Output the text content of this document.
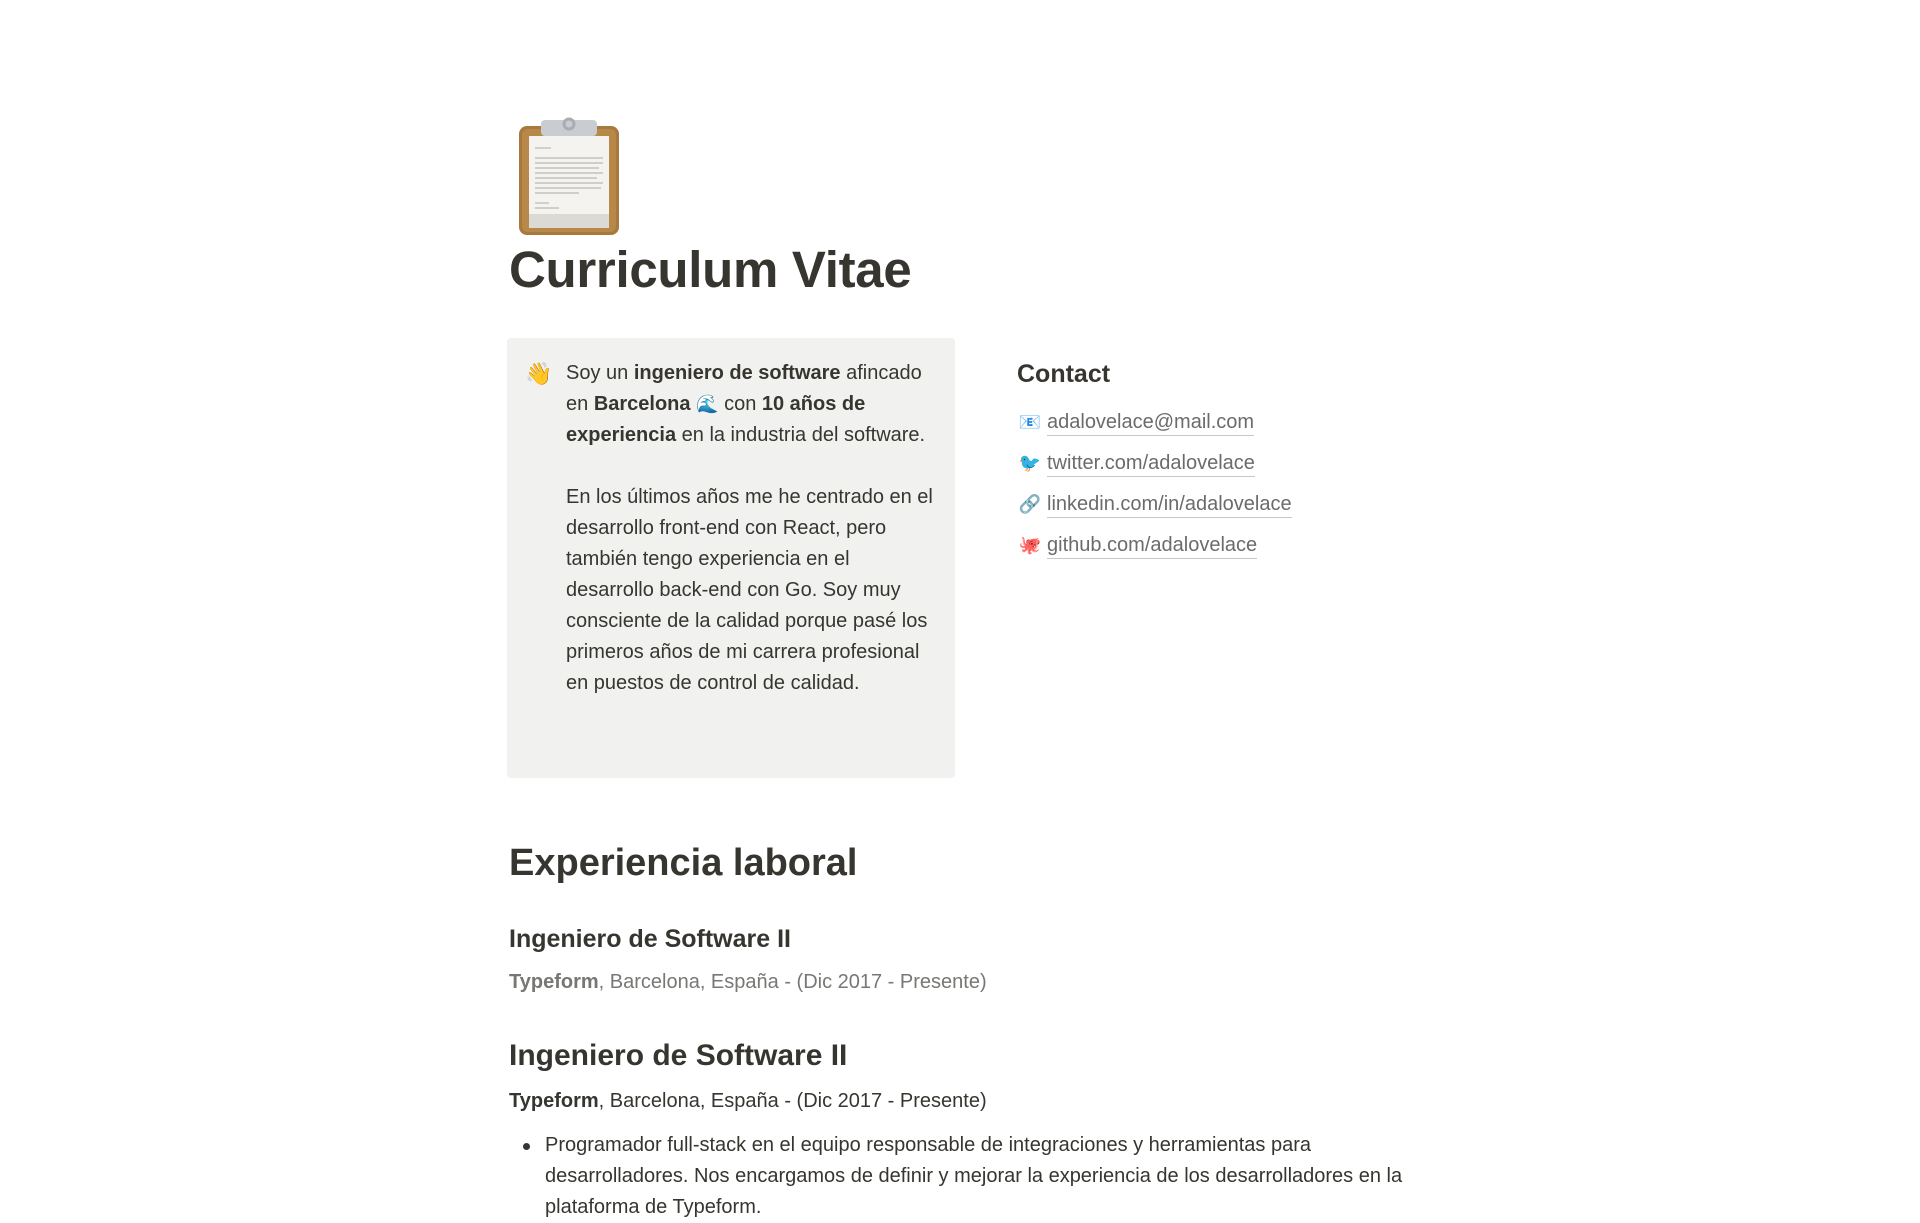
Curriculum Vitae
👋 Soy un ingeniero de software afincado en Barcelona 🌊 con 10 años de experiencia en la industria del software.

En los últimos años me he centrado en el desarrollo front-end con React, pero también tengo experiencia en el desarrollo back-end con Go. Soy muy consciente de la calidad porque pasé los primeros años de mi carrera profesional en puestos de control de calidad.

Contact
📧 adalovelace@mail.com
🐦 twitter.com/adalovelace
🔗 linkedin.com/in/adalovelace
🐙 github.com/adalovelace
Experiencia laboral
Ingeniero de Software II
Typeform, Barcelona, España - (Dic 2017 - Presente)
Ingeniero de Software II
Typeform, Barcelona, España - (Dic 2017 - Presente)
Programador full-stack en el equipo responsable de integraciones y herramientas para desarrolladores. Nos encargamos de definir y mejorar la experiencia de los desarrolladores en la plataforma de Typeform.
